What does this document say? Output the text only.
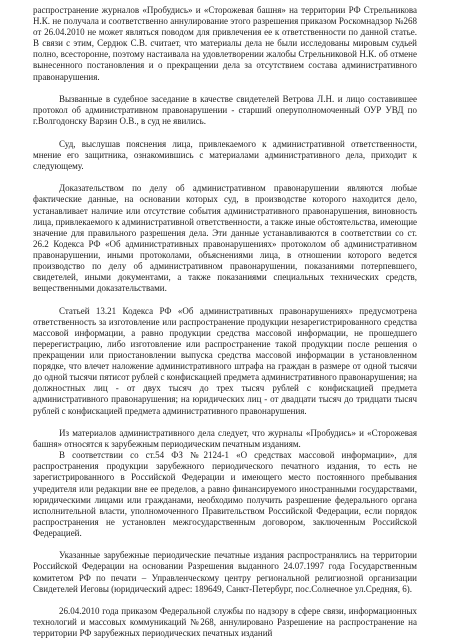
распространение журналов «Пробудись» и «Сторожевая башня» на территории РФ Стрельникова Н.К. не получала и соответственно аннулирование этого разрешения приказом Роскомнадзор №268 от 26.04.2010 не может являться поводом для привлечения ее к ответственности по данной статье. В связи с этим, Сердюк С.В. считает, что материалы дела не были исследованы мировым судьей полно, всесторонне, поэтому настаивала на удовлетворении жалобы Стрельниковой Н.К. об отмене вынесенного постановления и о прекращении дела за отсутствием состава административного правонарушения.

Вызванные в судебное заседание в качестве свидетелей Ветрова Л.Н. и лицо составившее протокол об административном правонарушении - старший оперуполномоченный ОУР УВД по г.Волгодонску Варзин О.В., в суд не явились.

Суд, выслушав пояснения лица, привлекаемого к административной ответственности, мнение его защитника, ознакомившись с материалами административного дела, приходит к следующему.

Доказательством по делу об административном правонарушении являются любые фактические данные, на основании которых суд, в производстве которого находится дело, устанавливает наличие или отсутствие события административного правонарушения, виновность лица, привлекаемого к административной ответственности, а также иные обстоятельства, имеющие значение для правильного разрешения дела. Эти данные устанавливаются в соответствии со ст. 26.2 Кодекса РФ «Об административных правонарушениях» протоколом об административном правонарушении, иными протоколами, объяснениями лица, в отношении которого ведется производство по делу об административном правонарушении, показаниями потерпевшего, свидетелей, иными документами, а также показаниями специальных технических средств, вещественными доказательствами.

Статьей 13.21 Кодекса РФ «Об административных правонарушениях» предусмотрена ответственность за изготовление или распространение продукции незарегистрированного средства массовой информации, а равно продукции средства массовой информации, не прошедшего перерегистрацию, либо изготовление или распространение такой продукции после решения о прекращении или приостановлении выпуска средства массовой информации в установленном порядке, что влечет наложение административного штрафа на граждан в размере от одной тысячи до одной тысячи пятисот рублей с конфискацией предмета административного правонарушения; на должностных лиц - от двух тысяч до трех тысяч рублей с конфискацией предмета административного правонарушения; на юридических лиц - от двадцати тысяч до тридцати тысяч рублей с конфискацией предмета административного правонарушения.

Из материалов административного дела следует, что журналы «Пробудись» и «Сторожевая башня» относятся к зарубежным периодическим печатным изданиям.

В соответствии со ст.54 ФЗ №2124-1 «О средствах массовой информации», для распространения продукции зарубежного периодического печатного издания, то есть не зарегистрированного в Российской Федерации и имеющего место постоянного пребывания учредителя или редакции вне ее пределов, а равно финансируемого иностранными государствами, юридическими лицами или гражданами, необходимо получить разрешение федерального органа исполнительной власти, уполномоченного Правительством Российской Федерации, если порядок распространения не установлен межгосударственным договором, заключенным Российской Федерацией.

Указанные зарубежные периодические печатные издания распространялись на территории Российской Федерации на основании Разрешения выданного 24.07.1997 года Государственным комитетом РФ по печати – Управленческому центру региональной религиозной организации Свидетелей Иеговы (юридический адрес: 189649, Санкт-Петербург, пос.Солнечное ул.Средняя, 6).

26.04.2010 года приказом Федеральной службы по надзору в сфере связи, информационных технологий и массовых коммуникаций №268, аннулировано Разрешение на распространение на территории РФ зарубежных периодических печатных изданий
